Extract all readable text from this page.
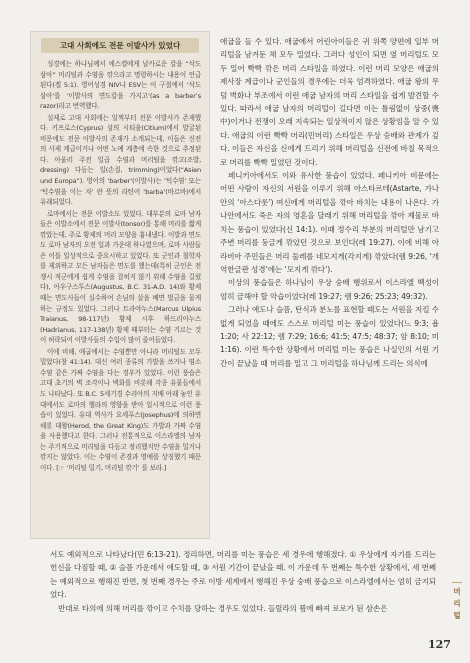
고대 사회에도 전문 이발사가 있었다

성경에는 하나님께서 에스겔에게 날카로운 칼을 “삭도 삼아” 머리털과 수염을 깎으라고 명령하시는 내용이 언급된다(겔 5:1). 영어성경 NIV나 ESV는 이 구절에서 ‘삭도 삼아’를 ‘이발사의 면도칼을 가지고’(as a barber’s razor)라고 번역했다.

실제로 고대 사회에는 일찍부터 전문 이발사가 존재했다. 키프로스(Cyprus) 섬의 시티움(Citium)에서 발굴된 비문에도 전문 이발사의 존재가 소개되는데, 이들은 신전의 사제 계급이거나 어떤 노예 계층에 속한 것으로 추정된다. 아울러 주전 일곱 수염과 머리털을 깎고(조발, dressing) 다듬는 일(손질, trimming)이었다(“Asien und Europa”). 영어의 ‘barber’(이발사)는 ‘턱수염’ 또는 ‘턱수염을 이는 자’ 란 뜻의 라틴어 ‘barba’(바르바)에서 유래되었다.

로마에서는 전문 이발소도 있었다. 대부분의 로마 남자들은 이발소에서 전문 이발사(tonsor)를 통해 머리를 짧게 깎았는데, 주로 황제의 머리 모양을 흉내냈다. 이발과 면도도 로마 남자의 오전 일과 가운데 하나였으며, 로마 사람들은 이를 일상적으로 중요시하고 있었다. 또 군인과 철학자를 제외하고 모든 남자들은 면도를 했는데(특히 군인은 전쟁시 적군에게 쉽게 수염을 잡히지 않기 위해 수염을 길렀다), 아우구스투스(Augustus, B.C. 31-A.D. 14)와 황제 때는 면도사들이 실수하여 손님의 살을 베면 벌금을 물게 하는 규정도 있었다. 그러나 트라야누스(Marcus Ulpius Traianus, 98-117년) 황제 시후 하드리아누스(Hadrianus, 117-138년) 황제 때부터는 수염 기르는 것이 허락되어 이발사들의 수입이 많이 줄어들었다.

이에 비해, 애굽에서는 수염뿐만 아니라 머리털도 모두 밀었다(창 41:14). 대신 여러 종류의 가발을 쓰거나 염소 수염 같은 가짜 수염을 다는 경우가 있었다. 이런 풍습은 고대 초기의 벽 조각이나 벽화를 비롯해 각종 유물들에서도 나타났다. 또 B.C. 5세기경 수리아의 지배 아래 놓인 유대에서도 로마의 헬라의 영향을 받아 일시적으로 이런 풍습이 있었다. 유대 역사가 요세푸스(Josephus)에 의하면 헤롯 대왕(Herod, the Great King)도 가발과 가짜 수염을 사용했다고 한다. 그러나 전통적으로 이스라엘의 남자는 주기적으로 머리털을 다듬고 정리했지만 수염을 밀거나 깎지는 않았다. 이는 수염이 존경과 영예를 상징했기 때문이다. [☞ ‘머리털 밀기, 머리털 깎기’ 를 보라.]

애굽을 들 수 있다. 애굽에서 어린아이들은 귀 위쪽 양편에 일부 머리털을 남겨둔 채 모두 밀었다. 그러다 성인이 되면 옆 머리털도 모두 밀어 빡빡 깎은 머리 스타일을 하였다. 이런 머리 모양은 애굽의 제사장 계급이나 군인들의 경우에는 더욱 엄격하였다. 애굽 왕의 무덤 벽화나 부조에서 이런 애굽 남자의 머리 스타일을 쉽게 발견할 수 있다. 따라서 애굽 남자의 머리털이 길다면 이는 틀림없이 상중(喪中)이거나 전쟁이 오래 지속되는 일상적이지 않은 상황임을 알 수 있다. 애굽의 이런 빡빡 머리(민머리) 스타일은 우상 숭배와 관계가 깊다. 이들은 자신을 신에게 드리기 위해 머리털을 신전에 바칠 목적으로 머리를 빡빡 밀었던 것이다.

페니키아에서도 이와 유사한 풍습이 있었다. 페니키아 비문에는 어떤 사람이 자신의 서원을 이루기 위해 아스타르테(Astarte, 가나안의 ‘아스다롯’) 여신에게 머리털을 깎아 바치는 내용이 나온다. 가나안에서도 죽은 자의 영혼을 달래기 위해 머리털을 깎아 제물로 바치는 풍습이 있었다(신 14:1). 이때 정수리 부분의 머리털만 남기고 주변 머리를 둥글게 깎았던 것으로 보인다(레 19:27). 이에 비해 아라비아 주민들은 머리 둘레를 네모지게(각지게) 깎았다(렘 9:26, ‘개역한글판 성경’에는 ‘모지게 깎다’).

이상의 풍습들은 하나님이 우상 숭배 행위로서 이스라엘 백성이 엄히 금해야 할 악습이었다(레 19:27; 렘 9:26; 25:23; 49:32).

그러나 애도나 슬픔, 탄식과 분노를 표현할 때도는 서원을 지킬 수 없게 되었을 때에도 스스로 머리털 미는 풍습이 있었다(느 9:3; 욥 1:20; 사 22:12; 렘 7:29; 16:6; 41:5; 47:5; 48:37; 암 8:10; 미 1:16). 이런 특수한 상황에서 머리털 미는 풍습은 나실인의 서원 기간이 끝났을 때 머리를 밀고 그 머리털을 하나님께 드리는 의식에

서도 예외적으로 나타났다(민 6:13-21). 정리하면, 머리를 미는 풍습은 세 경우에 행해졌다. ① 우상에게 자기를 드리는 헌신을 다짐할 때, ② 슬픔 가운데서 애도할 때, ③ 서원 기간이 끝났을 때. 이 가운데 두 번째는 특수한 상황에서, 세 번째는 예외적으로 행해진 반면, 첫 번째 경우는 주로 이방 세계에서 행해진 우상 숭배 풍습으로 이스라엘에서는 엄히 금지되었다.

반대로 타의에 의해 머리를 깎이고 수치를 당하는 경우도 있었다. 들릴라의 꾐에 빠져 로로가 된 삼손은

머
리
털
127
